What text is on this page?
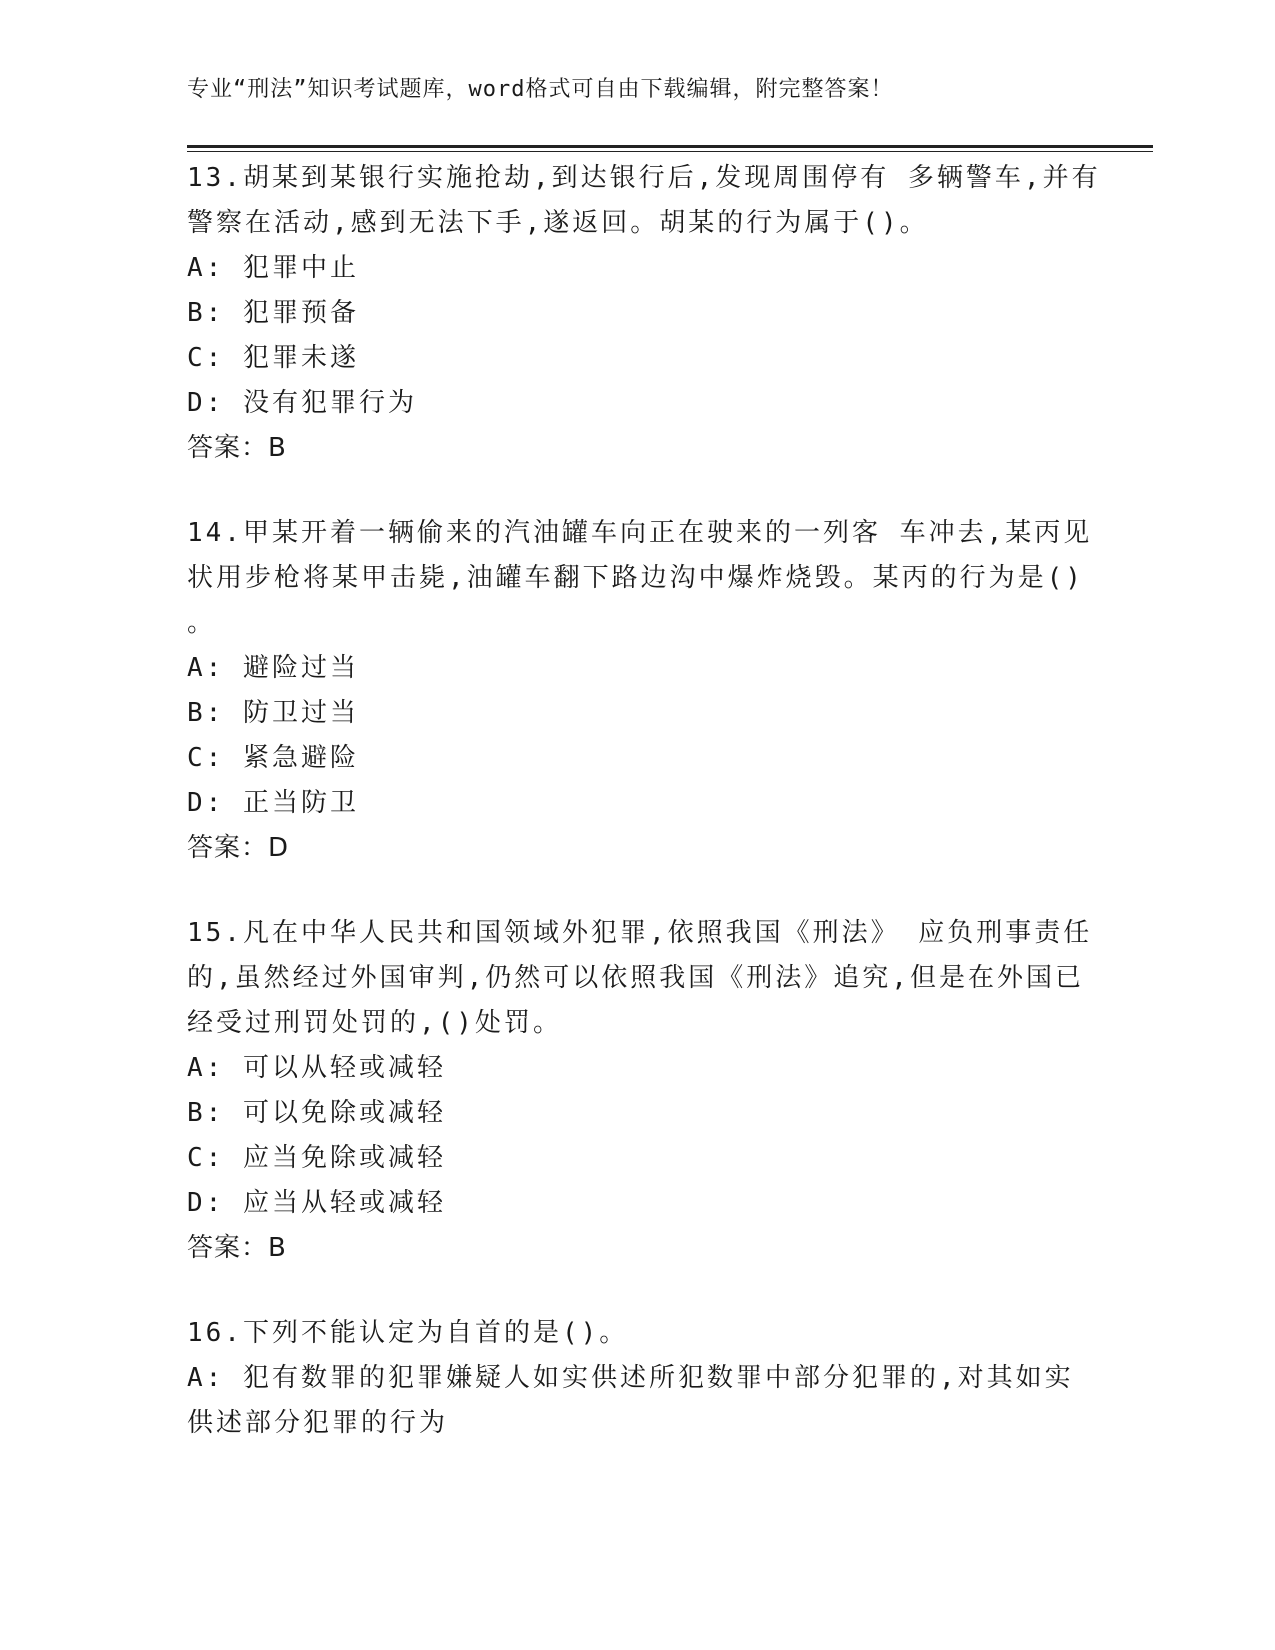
专业“刑法”知识考试题库，word格式可自由下载编辑，附完整答案！
13.胡某到某银行实施抢劫,到达银行后,发现周围停有 多辆警车,并有
警察在活动,感到无法下手,遂返回。胡某的行为属于()。
A: 犯罪中止
B: 犯罪预备
C: 犯罪未遂
D: 没有犯罪行为
答案：B
14.甲某开着一辆偷来的汽油罐车向正在驶来的一列客 车冲去,某丙见
状用步枪将某甲击毙,油罐车翻下路边沟中爆炸烧毁。某丙的行为是()
。
A: 避险过当
B: 防卫过当
C: 紧急避险
D: 正当防卫
答案：D
15.凡在中华人民共和国领域外犯罪,依照我国《刑法》 应负刑事责任
的,虽然经过外国审判,仍然可以依照我国《刑法》追究,但是在外国已
经受过刑罚处罚的,()处罚。
A: 可以从轻或减轻
B: 可以免除或减轻
C: 应当免除或减轻
D: 应当从轻或减轻
答案：B
16.下列不能认定为自首的是()。
A: 犯有数罪的犯罪嫌疑人如实供述所犯数罪中部分犯罪的,对其如实
供述部分犯罪的行为
